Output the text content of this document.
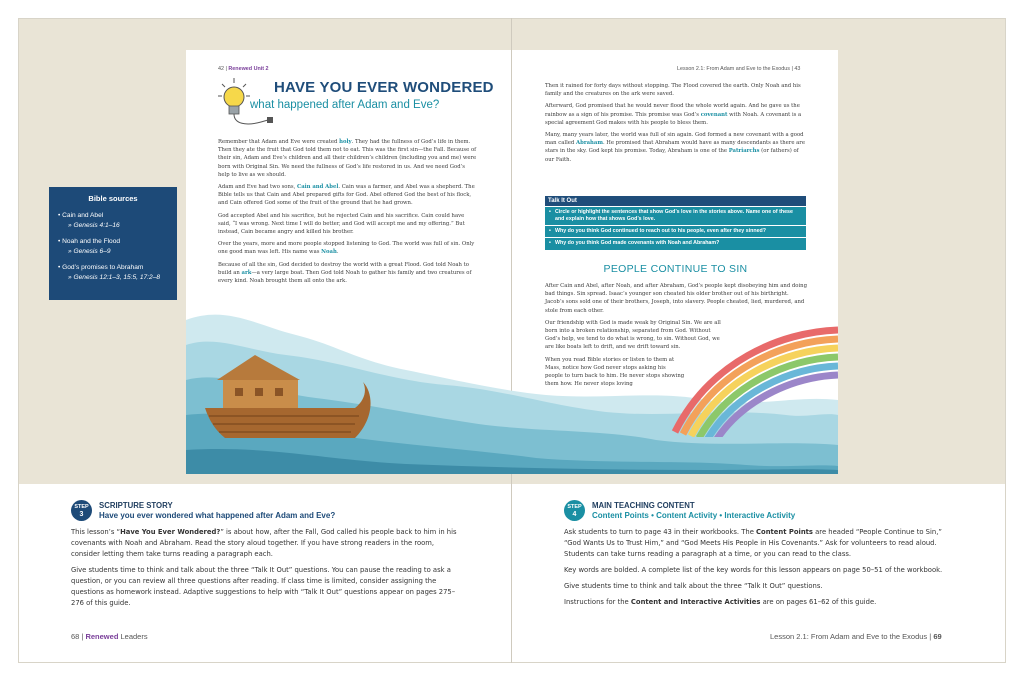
42 | Renewed Unit 2
HAVE YOU EVER WONDERED
what happened after Adam and Eve?

Remember that Adam and Eve were created holy. They had the fullness of God’s life in them. Then they ate the fruit that God told them not to eat. This was the first sin—the Fall. Because of their sin, Adam and Eve’s children and all their children’s children (including you and me) were born with Original Sin. We need the fullness of God’s life restored in us. And we need God’s help to live as we should.

Adam and Eve had two sons, Cain and Abel. Cain was a farmer, and Abel was a shepherd. The Bible tells us that Cain and Abel prepared gifts for God. Abel offered God the best of his flock, and Cain offered God some of the fruit of the ground that he had grown.

God accepted Abel and his sacrifice, but he rejected Cain and his sacrifice. Cain could have said, “I was wrong. Next time I will do better, and God will accept me and my offering.” But instead, Cain became angry and killed his brother.

Over the years, more and more people stopped listening to God. The world was full of sin. Only one good man was left. His name was Noah.

Because of all the sin, God decided to destroy the world with a great Flood. God told Noah to build an ark—a very large boat. Then God told Noah to gather his family and two creatures of every kind. Noah brought them all onto the ark.

Lesson 2.1: From Adam and Eve to the Exodus | 43

Then it rained for forty days without stopping. The Flood covered the earth. Only Noah and his family and the creatures on the ark were saved.

Afterward, God promised that he would never flood the whole world again. And he gave us the rainbow as a sign of his promise. This promise was God’s covenant with Noah. A covenant is a special agreement God makes with his people to bless them.

Many, many years later, the world was full of sin again. God formed a new covenant with a good man called Abraham. He promised that Abraham would have as many descendants as there are stars in the sky. God kept his promise. Today, Abraham is one of the Patriarchs (or fathers) of our Faith.

Talk It Out
• Circle or highlight the sentences that show God’s love in the stories above. Name one of these and explain how that shows God’s love.
• Why do you think God continued to reach out to his people, even after they sinned?
• Why do you think God made covenants with Noah and Abraham?
PEOPLE CONTINUE TO SIN

After Cain and Abel, after Noah, and after Abraham, God’s people kept disobeying him and doing bad things. Sin spread. Isaac’s younger son cheated his older brother out of his birthright. Jacob’s sons sold one of their brothers, Joseph, into slavery. People cheated, lied, murdered, and stole from each other.

Our friendship with God is made weak by Original Sin. We are all born into a broken relationship, separated from God. Without God’s help, we tend to do what is wrong, to sin. Without God, we are like boats left to drift, and we drift toward sin.

When you read Bible stories or listen to them at Mass, notice how God never stops asking his people to turn back to him. He never stops showing them how. He never stops loving

Bible sources
• Cain and Abel
» Genesis 4:1–16
• Noah and the Flood
» Genesis 6–9
• God’s promises to Abraham
» Genesis 12:1–3, 15:5, 17:2–8
STEP
3
SCRIPTURE STORY
Have you ever wondered what happened after Adam and Eve?

This lesson’s “Have You Ever Wondered?” is about how, after the Fall, God called his people back to him in his covenants with Noah and Abraham. Read the story aloud together. If you have strong readers in the room, consider letting them take turns reading a paragraph each.

Give students time to think and talk about the three “Talk It Out” questions. You can pause the reading to ask a question, or you can review all three questions after reading. If class time is limited, consider assigning the questions as homework instead. Adaptive suggestions to help with “Talk It Out” questions appear on pages 275–276 of this guide.

STEP
4
MAIN TEACHING CONTENT
Content Points • Content Activity • Interactive Activity

Ask students to turn to page 43 in their workbooks. The Content Points are headed “People Continue to Sin,” “God Wants Us to Trust Him,” and “God Meets His People in His Covenants.” Ask for volunteers to read aloud. Students can take turns reading a paragraph at a time, or you can read to the class.

Key words are bolded. A complete list of the key words for this lesson appears on page 50–51 of the workbook.

Give students time to think and talk about the three “Talk It Out” questions.

Instructions for the Content and Interactive Activities are on pages 61–62 of this guide.

68 | Renewed Leaders	Lesson 2.1: From Adam and Eve to the Exodus | 69
